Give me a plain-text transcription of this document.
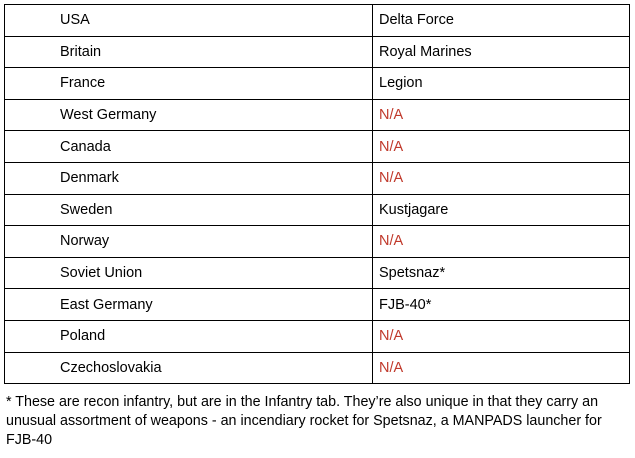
USA	Delta Force
Britain	Royal Marines
France	Legion
West Germany	N/A
Canada	N/A
Denmark	N/A
Sweden	Kustjagare
Norway	N/A
Soviet Union	Spetsnaz*
East Germany	FJB-40*
Poland	N/A
Czechoslovakia	N/A
* These are recon infantry, but are in the Infantry tab. They’re also unique in that they carry an unusual assortment of weapons - an incendiary rocket for Spetsnaz, a MANPADS launcher for FJB-40
